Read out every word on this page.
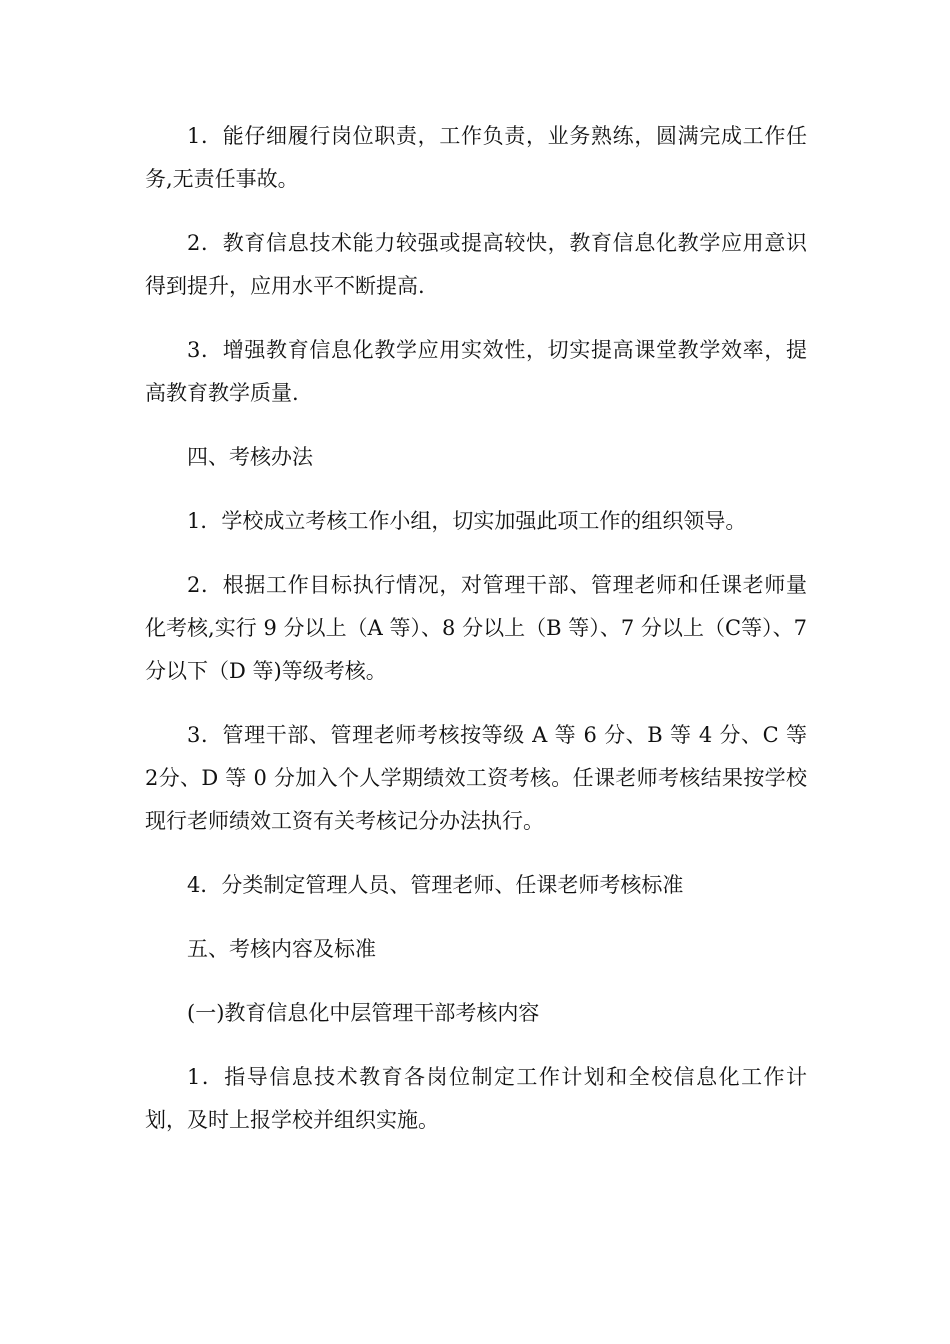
1．能仔细履行岗位职责，工作负责，业务熟练，圆满完成工作任务,无责任事故。

2．教育信息技术能力较强或提高较快，教育信息化教学应用意识得到提升，应用水平不断提高.

3．增强教育信息化教学应用实效性，切实提高课堂教学效率，提高教育教学质量.

四、考核办法

1．学校成立考核工作小组，切实加强此项工作的组织领导。

2．根据工作目标执行情况，对管理干部、管理老师和任课老师量化考核,实行 9 分以上（A 等）、8 分以上（B 等）、7 分以上（C等）、7 分以下（D 等)等级考核。

3．管理干部、管理老师考核按等级 A 等 6 分、B 等 4 分、C 等 2分、D 等 0 分加入个人学期绩效工资考核。任课老师考核结果按学校现行老师绩效工资有关考核记分办法执行。

4．分类制定管理人员、管理老师、任课老师考核标准

五、考核内容及标准

(一)教育信息化中层管理干部考核内容

1．指导信息技术教育各岗位制定工作计划和全校信息化工作计划，及时上报学校并组织实施。
